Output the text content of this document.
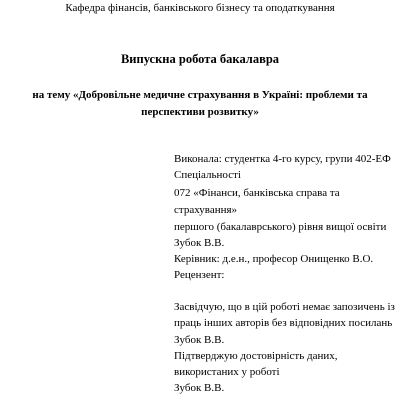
Кафедра фінансів, банківського бізнесу та оподаткування
Випускна робота бакалавра
на тему «Добровільне медичне страхування в Україні: проблеми та
перспективи розвитку»
Виконала: студентка 4-го курсу, групи 402-ЕФ
Спеціальності
072 «Фінанси, банківська справа та
страхування»
першого (бакалаврського) рівня вищої освіти
Зубок В.В.
Керівник: д.е.н., професор Онищенко В.О.
Рецензент:
Засвідчую, що в цій роботі немає запозичень із
праць інших авторів без відповідних посилань
Зубок В.В.
Підтверджую достовірність даних,
використаних у роботі
Зубок В.В.
